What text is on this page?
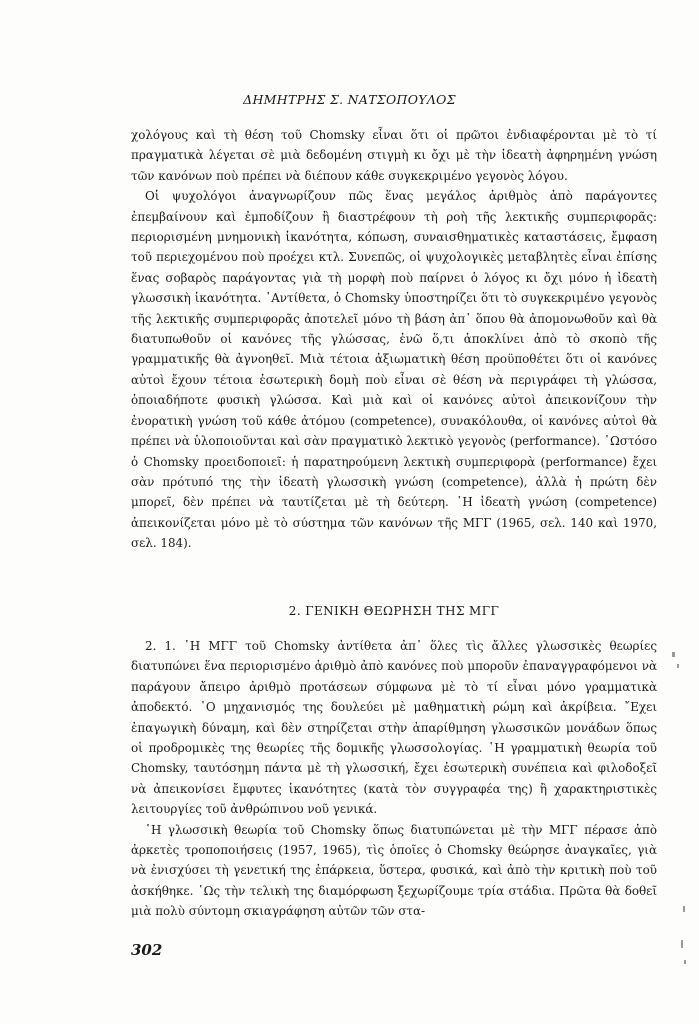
ΔΗΜΗΤΡΗΣ Σ. ΝΑΤΣΟΠΟΥΛΟΣ

χολόγους καὶ τὴ θέση τοῦ Chomsky εἶναι ὅτι οἱ πρῶτοι ἐνδιαφέρονται μὲ τὸ τί πραγματικὰ λέγεται σὲ μιὰ δεδομένη στιγμὴ κι ὄχι μὲ τὴν ἰδεατὴ ἀφηρημένη γνώση τῶν κανόνων ποὺ πρέπει νὰ διέπουν κάθε συγκεκριμένο γεγονὸς λόγου.

Οἱ ψυχολόγοι ἀναγνωρίζουν πῶς ἕνας μεγάλος ἀριθμὸς ἀπὸ παράγοντες ἐπεμβαίνουν καὶ ἐμποδίζουν ἢ διαστρέφουν τὴ ροὴ τῆς λεκτικῆς συμπεριφορᾶς: περιορισμένη μνημονικὴ ἱκανότητα, κόπωση, συναισθηματικὲς καταστάσεις, ἔμφαση τοῦ περιεχομένου ποὺ προέχει κτλ. Συνεπῶς, οἱ ψυχολογικὲς μεταβλητὲς εἶναι ἐπίσης ἕνας σοβαρὸς παράγοντας γιὰ τὴ μορφὴ ποὺ παίρνει ὁ λόγος κι ὄχι μόνο ἡ ἰδεατὴ γλωσσικὴ ἱκανότητα. ᾿Αντίθετα, ὁ Chomsky ὑποστηρίζει ὅτι τὸ συγκεκριμένο γεγονὸς τῆς λεκτικῆς συμπεριφορᾶς ἀποτελεῖ μόνο τὴ βάση ἀπ᾿ ὅπου θὰ ἀπομονωθοῦν καὶ θὰ διατυπωθοῦν οἱ κανόνες τῆς γλώσσας, ἐνῶ ὅ,τι ἀποκλίνει ἀπὸ τὸ σκοπὸ τῆς γραμματικῆς θὰ ἀγνοηθεῖ. Μιὰ τέτοια ἀξιωματικὴ θέση προϋποθέτει ὅτι οἱ κανόνες αὐτοὶ ἔχουν τέτοια ἐσωτερικὴ δομὴ ποὺ εἶναι σὲ θέση νὰ περιγράφει τὴ γλώσσα, ὁποιαδήποτε φυσικὴ γλώσσα. Καὶ μιὰ καὶ οἱ κανόνες αὐτοὶ ἀπεικονίζουν τὴν ἐνορατικὴ γνώση τοῦ κάθε ἀτόμου (competence), συνακόλουθα, οἱ κανόνες αὐτοὶ θὰ πρέπει νὰ ὑλοποιοῦνται καὶ σὰν πραγματικὸ λεκτικὸ γεγονὸς (performance). ῾Ωστόσο ὁ Chomsky προειδοποιεῖ: ἡ παρατηρούμενη λεκτικὴ συμπεριφορὰ (performance) ἔχει σὰν πρότυπό της τὴν ἰδεατὴ γλωσσικὴ γνώση (competence), ἀλλὰ ἡ πρώτη δὲν μπορεῖ, δὲν πρέπει νὰ ταυτίζεται μὲ τὴ δεύτερη. ῾Η ἰδεατὴ γνώση (competence) ἀπεικονίζεται μόνο μὲ τὸ σύστημα τῶν κανόνων τῆς ΜΓΓ (1965, σελ. 140 καὶ 1970, σελ. 184).

2. ΓΕΝΙΚΗ ΘΕΩΡΗΣΗ ΤΗΣ ΜΓΓ

2. 1. ῾Η ΜΓΓ τοῦ Chomsky ἀντίθετα ἀπ᾿ ὅλες τὶς ἄλλες γλωσσικὲς θεωρίες διατυπώνει ἕνα περιορισμένο ἀριθμὸ ἀπὸ κανόνες ποὺ μποροῦν ἐπαναγγραφόμενοι νὰ παράγουν ἄπειρο ἀριθμὸ προτάσεων σύμφωνα μὲ τὸ τί εἶναι μόνο γραμματικὰ ἀποδεκτό. ῾Ο μηχανισμός της δουλεύει μὲ μαθηματικὴ ρώμη καὶ ἀκρίβεια. ῎Εχει ἐπαγωγικὴ δύναμη, καὶ δὲν στηρίζεται στὴν ἀπαρίθμηση γλωσσικῶν μονάδων ὅπως οἱ προδρομικὲς της θεωρίες τῆς δομικῆς γλωσσολογίας. ῾Η γραμματικὴ θεωρία τοῦ Chomsky, ταυτόσημη πάντα μὲ τὴ γλωσσική, ἔχει ἐσωτερικὴ συνέπεια καὶ φιλοδοξεῖ νὰ ἀπεικονίσει ἔμφυτες ἱκανότητες (κατὰ τὸν συγγραφέα της) ἢ χαρακτηριστικὲς λειτουργίες τοῦ ἀνθρώπινου νοῦ γενικά.

῾Η γλωσσικὴ θεωρία τοῦ Chomsky ὅπως διατυπώνεται μὲ τὴν ΜΓΓ πέρασε ἀπὸ ἀρκετὲς τροποποιήσεις (1957, 1965), τὶς ὁποῖες ὁ Chomsky θεώρησε ἀναγκαῖες, γιὰ νὰ ἐνισχύσει τὴ γενετική της ἐπάρκεια, ὕστερα, φυσικά, καὶ ἀπὸ τὴν κριτικὴ ποὺ τοῦ ἀσκήθηκε. ῾Ως τὴν τελικὴ της διαμόρφωση ξεχωρίζουμε τρία στάδια. Πρῶτα θὰ δοθεῖ μιὰ πολὺ σύντομη σκιαγράφηση αὐτῶν τῶν στα-

302
